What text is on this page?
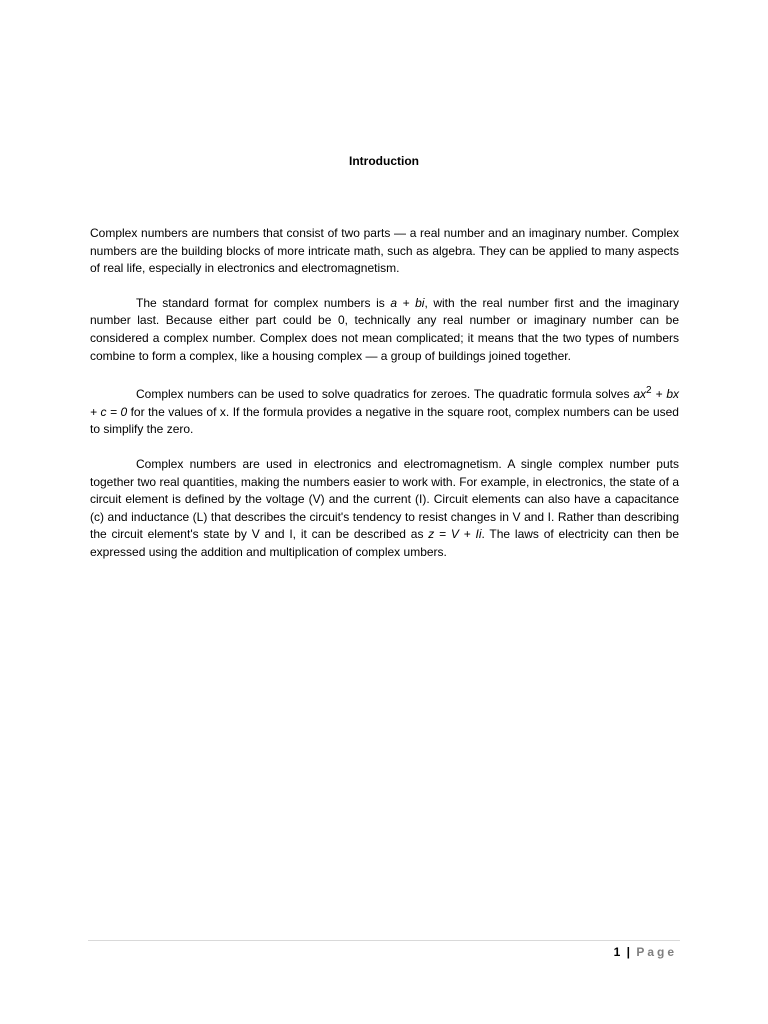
Introduction

Complex numbers are numbers that consist of two parts — a real number and an imaginary number. Complex numbers are the building blocks of more intricate math, such as algebra. They can be applied to many aspects of real life, especially in electronics and electromagnetism.

The standard format for complex numbers is a + bi, with the real number first and the imaginary number last. Because either part could be 0, technically any real number or imaginary number can be considered a complex number. Complex does not mean complicated; it means that the two types of numbers combine to form a complex, like a housing complex — a group of buildings joined together.

Complex numbers can be used to solve quadratics for zeroes. The quadratic formula solves $ax^2$ + bx + c = 0 for the values of x. If the formula provides a negative in the square root, complex numbers can be used to simplify the zero.

Complex numbers are used in electronics and electromagnetism. A single complex number puts together two real quantities, making the numbers easier to work with. For example, in electronics, the state of a circuit element is defined by the voltage (V) and the current (I). Circuit elements can also have a capacitance (c) and inductance (L) that describes the circuit's tendency to resist changes in V and I. Rather than describing the circuit element's state by V and I, it can be described as z = V + Ii. The laws of electricity can then be expressed using the addition and multiplication of complex umbers.

1 | Page
